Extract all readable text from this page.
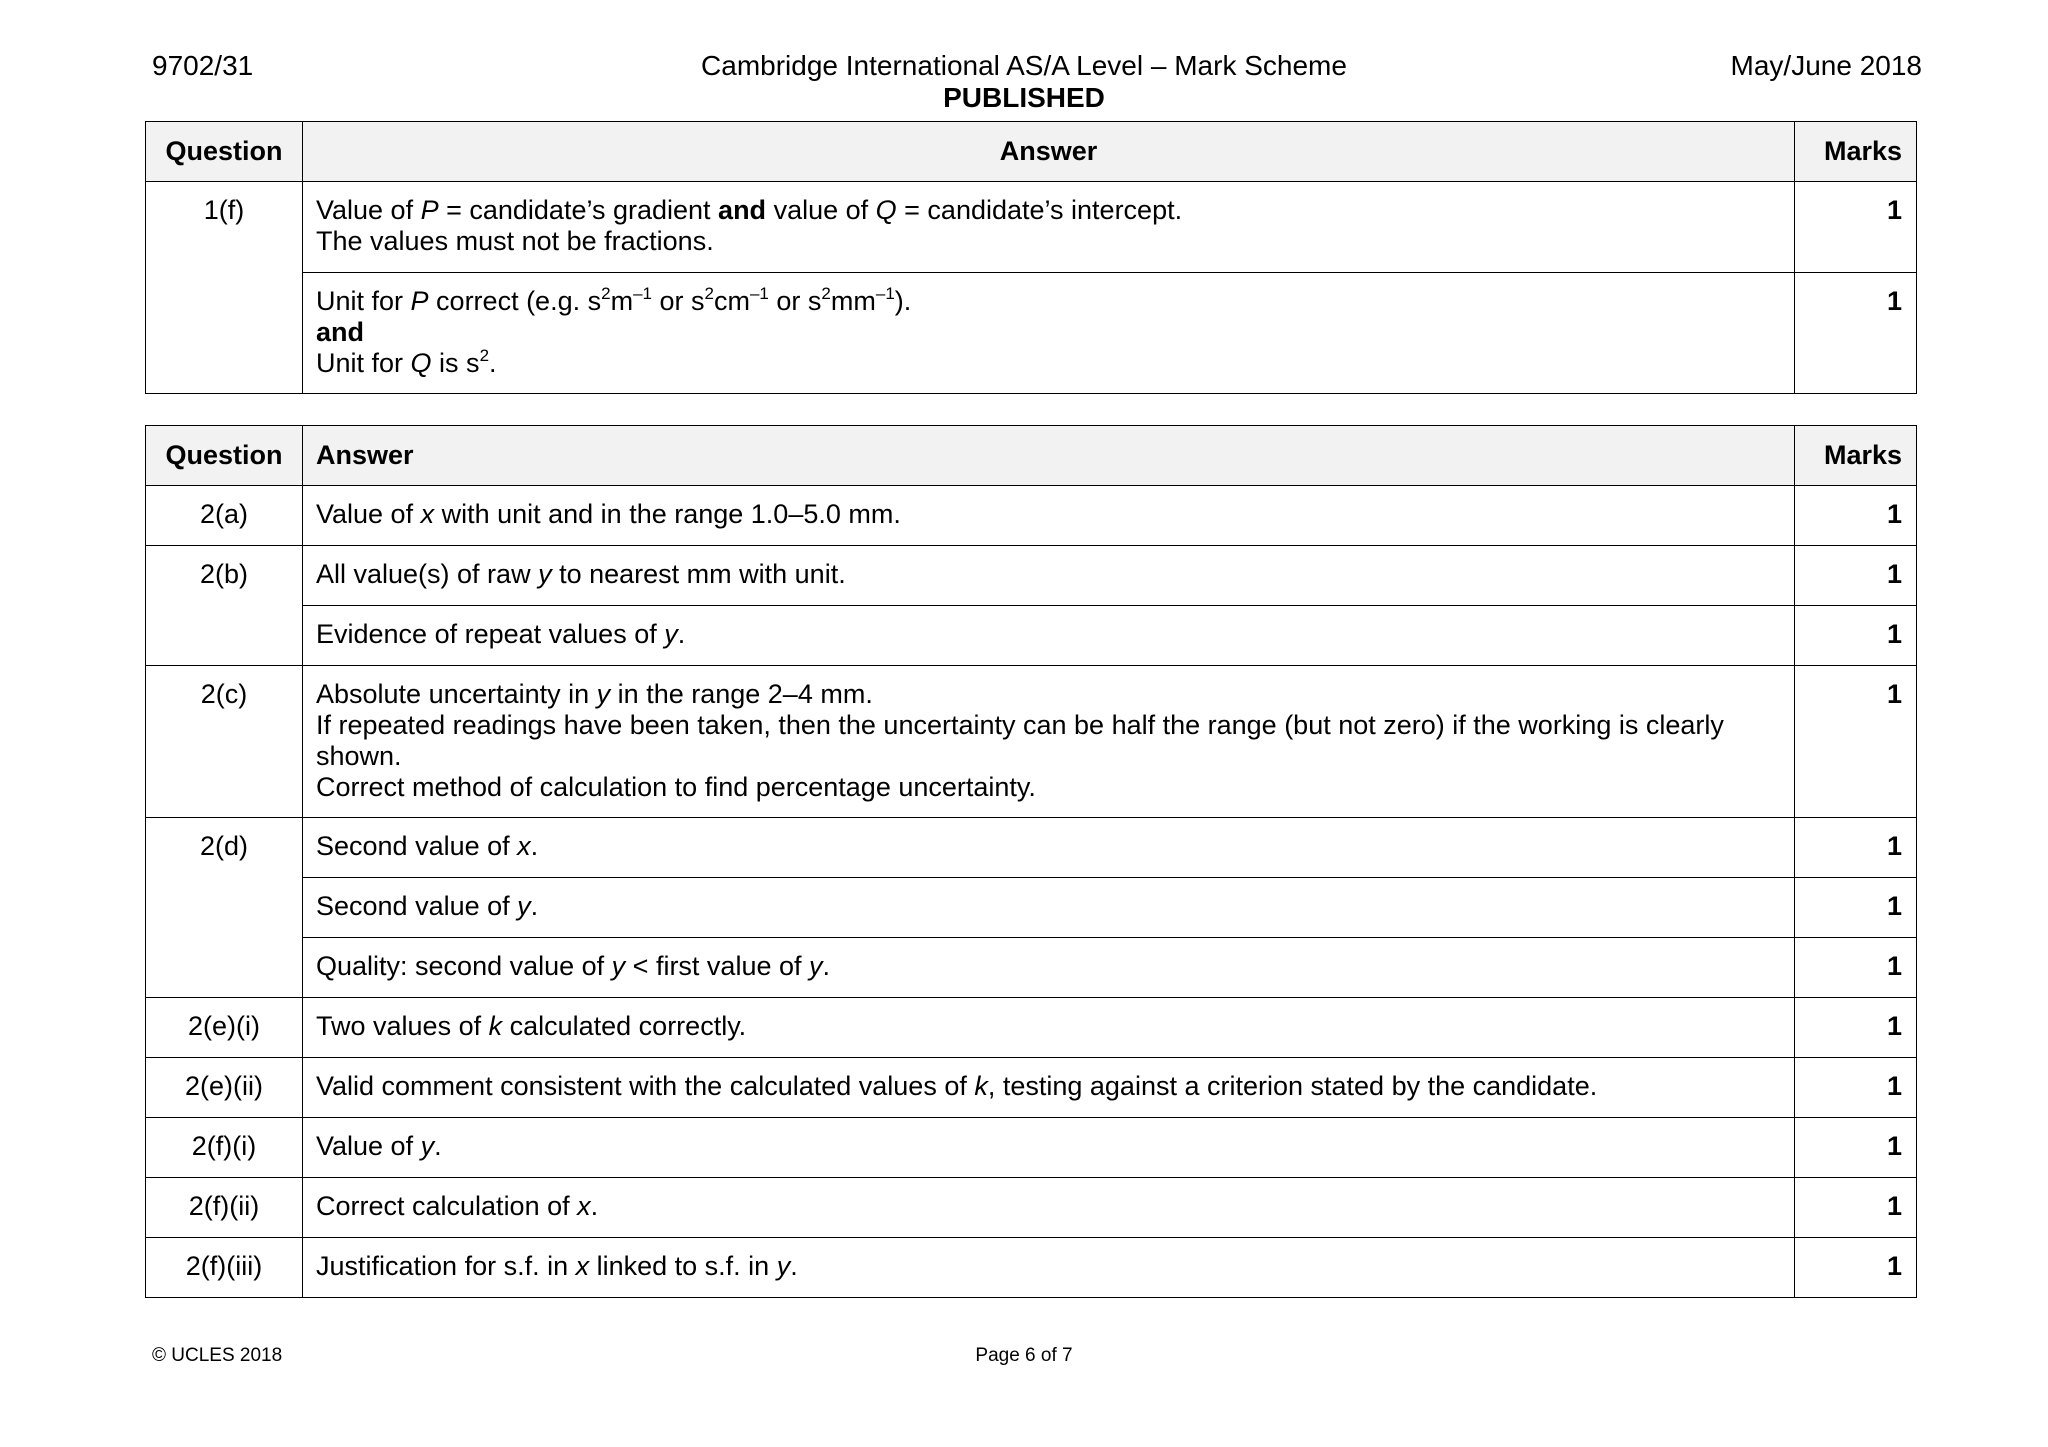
9702/31	Cambridge International AS/A Level – Mark Scheme	May/June 2018
PUBLISHED
Question	Answer	Marks
1(f)	Value of P = candidate’s gradient and value of Q = candidate’s intercept.
The values must not be fractions.	1

	Unit for P correct (e.g. $s^2m^{-1}$ or $s^2cm^{-1}$ or $s^2mm^{-1}$).
and
Unit for Q is $s^2$.	1
Question	Answer	Marks
2(a)	Value of x with unit and in the range 1.0–5.0 mm.	1
2(b)	All value(s) of raw y to nearest mm with unit.	1
	Evidence of repeat values of y.	1
2(c)	Absolute uncertainty in y in the range 2–4 mm.
If repeated readings have been taken, then the uncertainty can be half the range (but not zero) if the working is clearly shown.
Correct method of calculation to find percentage uncertainty.	1
2(d)	Second value of x.	1
	Second value of y.	1
	Quality: second value of y < first value of y.	1
2(e)(i)	Two values of k calculated correctly.	1
2(e)(ii)	Valid comment consistent with the calculated values of k, testing against a criterion stated by the candidate.	1
2(f)(i)	Value of y.	1
2(f)(ii)	Correct calculation of x.	1
2(f)(iii)	Justification for s.f. in x linked to s.f. in y.	1
© UCLES 2018	Page 6 of 7
